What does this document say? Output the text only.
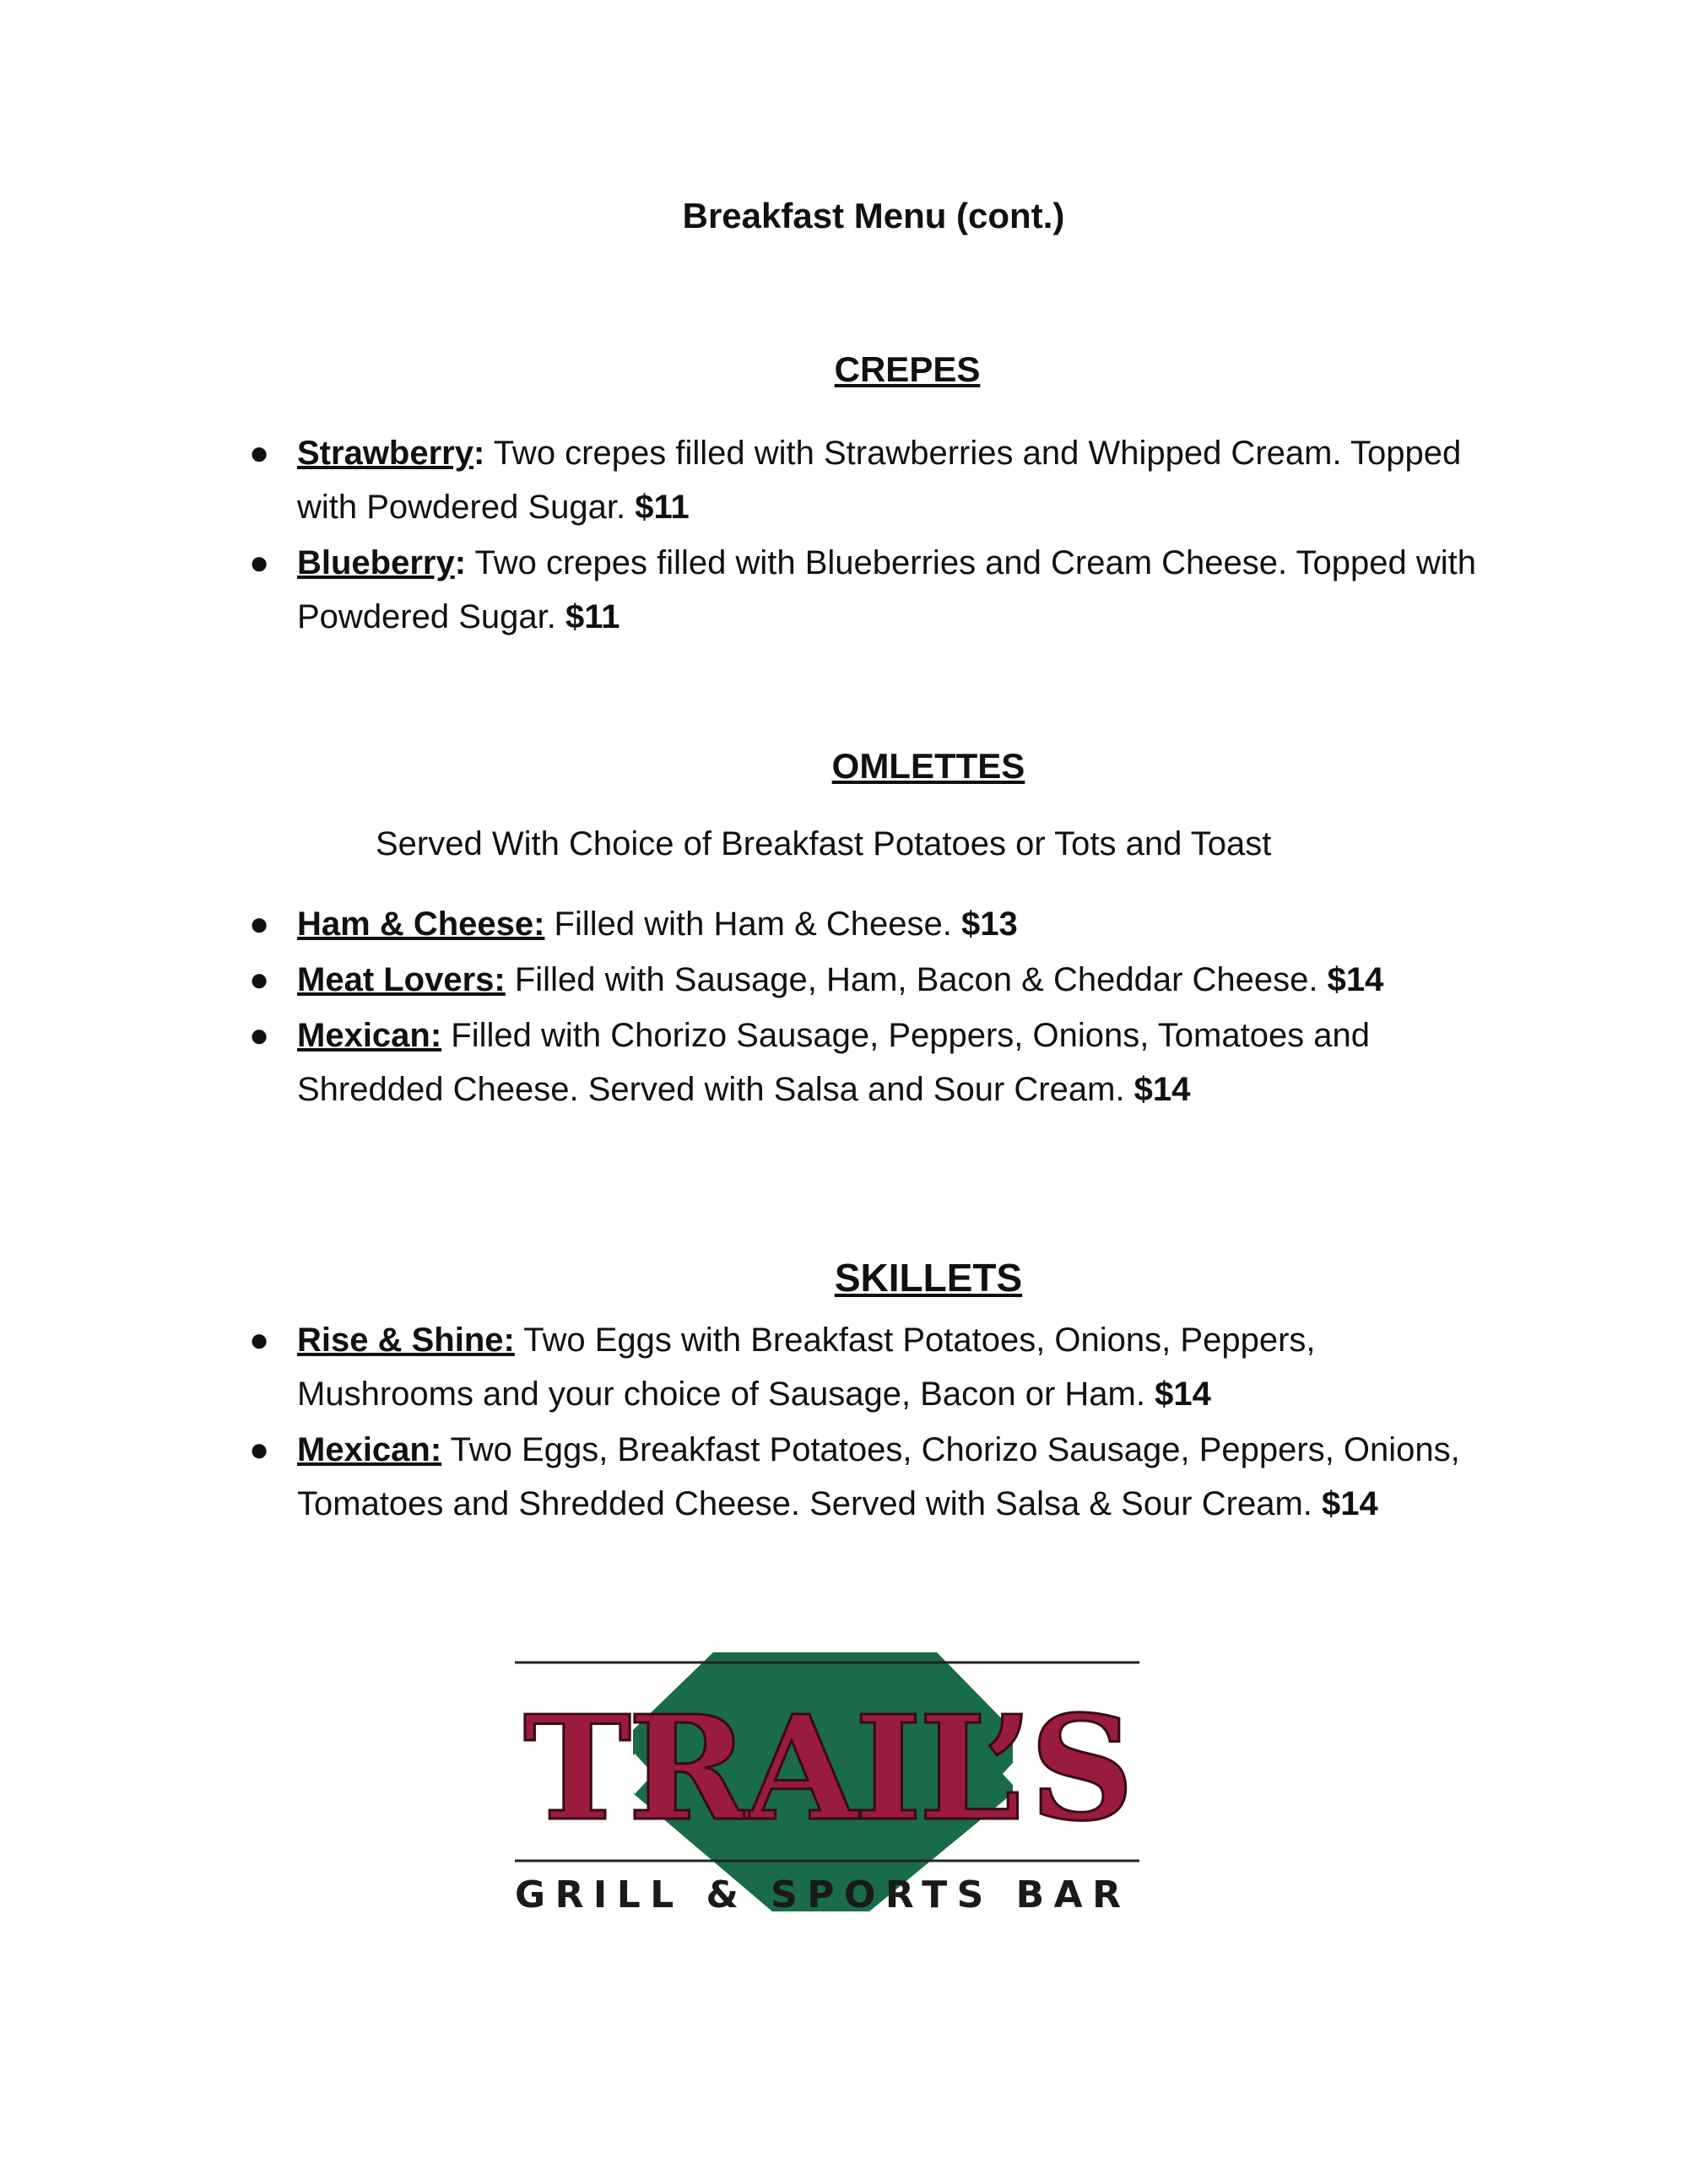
Breakfast Menu (cont.)
CREPES
● Strawberry: Two crepes filled with Strawberries and Whipped Cream. Topped with Powdered Sugar. $11
● Blueberry: Two crepes filled with Blueberries and Cream Cheese. Topped with Powdered Sugar. $11
OMLETTES

Served With Choice of Breakfast Potatoes or Tots and Toast

● Ham & Cheese: Filled with Ham & Cheese. $13
● Meat Lovers: Filled with Sausage, Ham, Bacon & Cheddar Cheese. $14
● Mexican: Filled with Chorizo Sausage, Peppers, Onions, Tomatoes and Shredded Cheese. Served with Salsa and Sour Cream. $14
SKILLETS
● Rise & Shine: Two Eggs with Breakfast Potatoes, Onions, Peppers, Mushrooms and your choice of Sausage, Bacon or Ham. $14
● Mexican: Two Eggs, Breakfast Potatoes, Chorizo Sausage, Peppers, Onions, Tomatoes and Shredded Cheese. Served with Salsa & Sour Cream. $14
TRAIL’S
GRILL & SPORTS BAR
